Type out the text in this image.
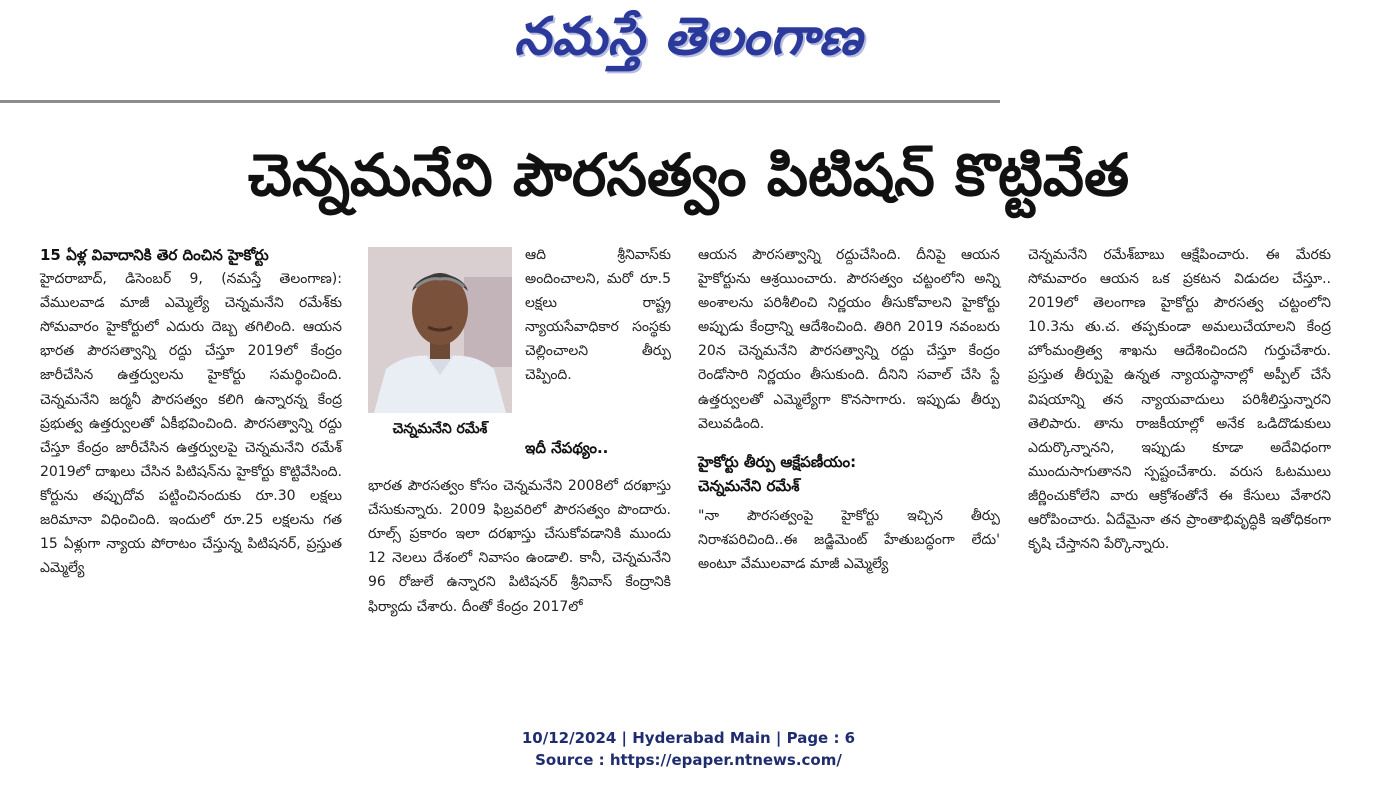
నమస్తే తెలంగాణ
చెన్నమనేని పౌరసత్వం పిటిషన్ కొట్టివేత

15 ఏళ్ల వివాదానికి తెర దించిన హైకోర్టు

హైదరాబాద్, డిసెంబర్ 9, (నమస్తే తెలంగాణ): వేములవాడ మాజీ ఎమ్మెల్యే చెన్నమనేని రమేశ్‌కు సోమవారం హైకోర్టులో ఎదురు దెబ్బ తగిలింది. ఆయన భారత పౌరసత్వాన్ని రద్దు చేస్తూ 2019లో కేంద్రం జారీచేసిన ఉత్తర్వులను హైకోర్టు సమర్థించింది. చెన్నమనేని జర్మనీ పౌరసత్వం కలిగి ఉన్నారన్న కేంద్ర ప్రభుత్వ ఉత్తర్వులతో ఏకీభవించింది. పౌరసత్వాన్ని రద్దు చేస్తూ కేంద్రం జారీచేసిన ఉత్తర్వులపై చెన్నమనేని రమేశ్ 2019లో దాఖలు చేసిన పిటిషన్‌ను హైకోర్టు కొట్టివేసింది. కోర్టును తప్పుదోవ పట్టించినందుకు రూ.30 లక్షలు జరిమానా విధించింది. ఇందులో రూ.25 లక్షలను గత 15 ఏళ్లుగా న్యాయ పోరాటం చేస్తున్న పిటిషనర్, ప్రస్తుత ఎమ్మెల్యే

చెన్నమనేని రమేశ్

ఆది శ్రీనివాస్‌కు అందించాలని, మరో రూ.5 లక్షలు రాష్ట్ర న్యాయసేవాధికార సంస్థకు చెల్లించాలని తీర్పు చెప్పింది.

ఇదీ నేపథ్యం..

భారత పౌరసత్వం కోసం చెన్నమనేని 2008లో దరఖాస్తు చేసుకున్నారు. 2009 ఫిబ్రవరిలో పౌరసత్వం పొందారు. రూల్స్ ప్రకారం ఇలా దరఖాస్తు చేసుకోవడానికి ముందు 12 నెలలు దేశంలో నివాసం ఉండాలి. కానీ, చెన్నమనేని 96 రోజులే ఉన్నారని పిటిషనర్ శ్రీనివాస్ కేంద్రానికి ఫిర్యాదు చేశారు. దీంతో కేంద్రం 2017లో

ఆయన పౌరసత్వాన్ని రద్దుచేసింది. దీనిపై ఆయన హైకోర్టును ఆశ్రయించారు. పౌరసత్వం చట్టంలోని అన్ని అంశాలను పరిశీలించి నిర్ణయం తీసుకోవాలని హైకోర్టు అప్పుడు కేంద్రాన్ని ఆదేశించింది. తిరిగి 2019 నవంబరు 20న చెన్నమనేని పౌరసత్వాన్ని రద్దు చేస్తూ కేంద్రం రెండోసారి నిర్ణయం తీసుకుంది. దీనిని సవాల్ చేసి స్టే ఉత్తర్వులతో ఎమ్మెల్యేగా కొనసాగారు. ఇప్పుడు తీర్పు వెలువడింది.

హైకోర్టు తీర్పు ఆక్షేపణీయం:

చెన్నమనేని రమేశ్

"నా పౌరసత్వంపై హైకోర్టు ఇచ్చిన తీర్పు నిరాశపరిచింది..ఈ జడ్జిమెంట్ హేతుబద్ధంగా లేదు' అంటూ వేములవాడ మాజీ ఎమ్మెల్యే

చెన్నమనేని రమేశ్‌బాబు ఆక్షేపించారు. ఈ మేరకు సోమవారం ఆయన ఒక ప్రకటన విడుదల చేస్తూ.. 2019లో తెలంగాణ హైకోర్టు పౌరసత్వ చట్టంలోని 10.3ను తు.చ. తప్పకుండా అమలుచేయాలని కేంద్ర హోంమంత్రిత్వ శాఖను ఆదేశించిందని గుర్తుచేశారు. ప్రస్తుత తీర్పుపై ఉన్నత న్యాయస్థానాల్లో అప్పీల్ చేసే విషయాన్ని తన న్యాయవాదులు పరిశీలిస్తున్నారని తెలిపారు. తాను రాజకీయాల్లో అనేక ఒడిదొడుకులు ఎదుర్కొన్నానని, ఇప్పుడు కూడా అదేవిధంగా ముందుసాగుతానని స్పష్టంచేశారు. వరుస ఓటములు జీర్ణించుకోలేని వారు ఆక్రోశంతోనే ఈ కేసులు వేశారని ఆరోపించారు. ఏదేమైనా తన ప్రాంతాభివృద్ధికి ఇతోధికంగా కృషి చేస్తానని పేర్కొన్నారు.

10/12/2024 | Hyderabad Main | Page : 6
Source : https://epaper.ntnews.com/
